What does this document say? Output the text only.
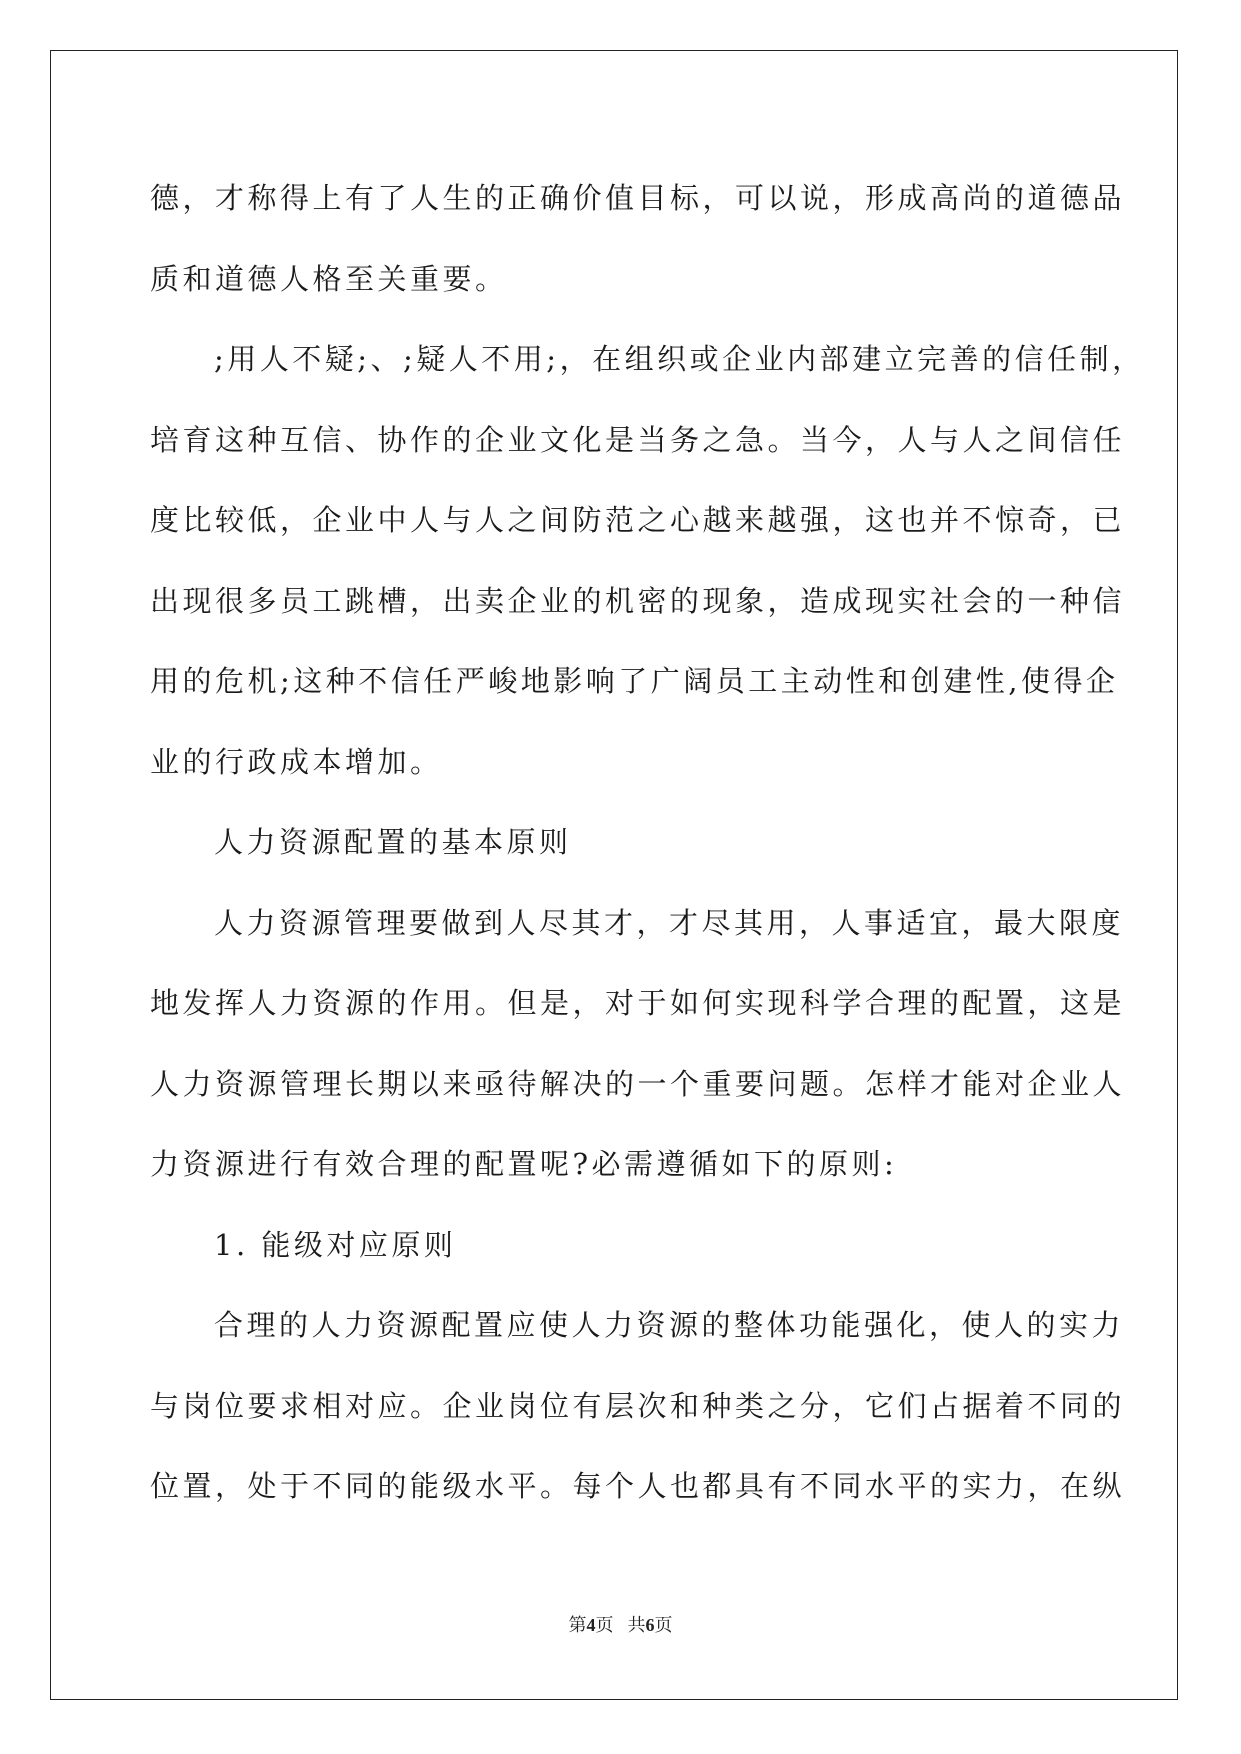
德，才称得上有了人生的正确价值目标，可以说，形成高尚的道德品
质和道德人格至关重要。
;用人不疑;、;疑人不用;，在组织或企业内部建立完善的信任制，
培育这种互信、协作的企业文化是当务之急。当今，人与人之间信任
度比较低，企业中人与人之间防范之心越来越强，这也并不惊奇，已
出现很多员工跳槽，出卖企业的机密的现象，造成现实社会的一种信
用的危机;这种不信任严峻地影响了广阔员工主动性和创建性,使得企
业的行政成本增加。
人力资源配置的基本原则
人力资源管理要做到人尽其才，才尽其用，人事适宜，最大限度
地发挥人力资源的作用。但是，对于如何实现科学合理的配置，这是
人力资源管理长期以来亟待解决的一个重要问题。怎样才能对企业人
力资源进行有效合理的配置呢?必需遵循如下的原则:
1. 能级对应原则
合理的人力资源配置应使人力资源的整体功能强化，使人的实力
与岗位要求相对应。企业岗位有层次和种类之分，它们占据着不同的
位置，处于不同的能级水平。每个人也都具有不同水平的实力，在纵
第4页 共6页
